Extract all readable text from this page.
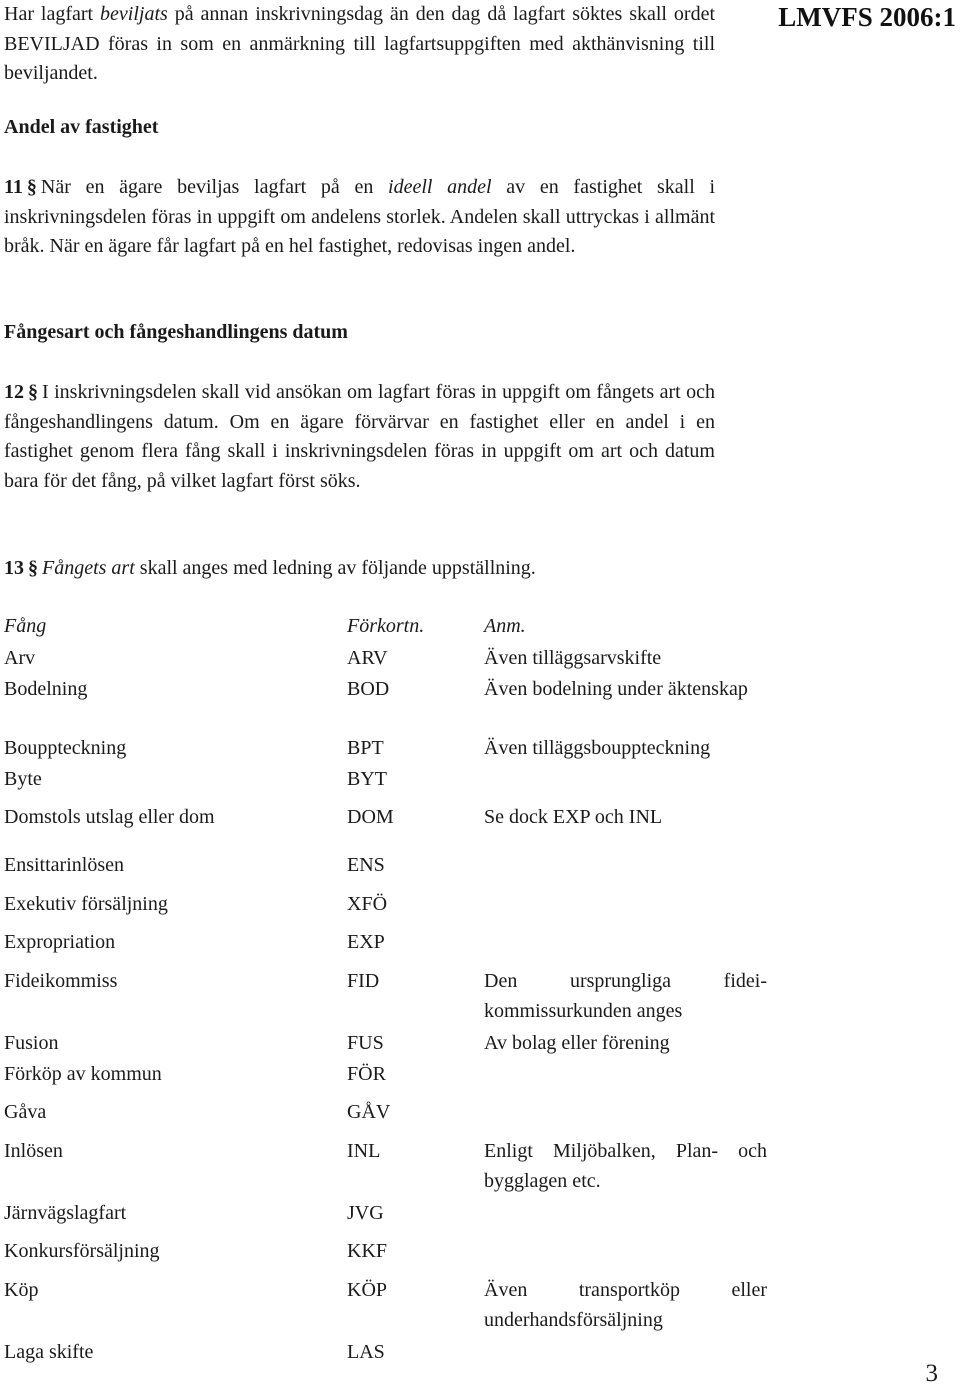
LMVFS 2006:1
Har lagfart beviljats på annan inskrivningsdag än den dag då lagfart söktes skall ordet BEVILJAD föras in som en anmärkning till lagfartsuppgiften med akthänvisning till beviljandet.
Andel av fastighet
11 § När en ägare beviljas lagfart på en ideell andel av en fastighet skall i inskrivningsdelen föras in uppgift om andelens storlek. Andelen skall uttryckas i allmänt bråk. När en ägare får lagfart på en hel fastighet, redovisas ingen andel.
Fångesart och fångeshandlingens datum
12 § I inskrivningsdelen skall vid ansökan om lagfart föras in uppgift om fångets art och fångeshandlingens datum. Om en ägare förvärvar en fastighet eller en andel i en fastighet genom flera fång skall i inskrivningsdelen föras in uppgift om art och datum bara för det fång, på vilket lagfart först söks.
13 § Fångets art skall anges med ledning av följande uppställning.
Fång	Förkortn.	Anm.
Arv	ARV	Även tilläggsarvskifte
Bodelning	BOD	Även bodelning under äktenskap
Bouppteckning	BPT	Även tilläggsbouppteckning
Byte	BYT
Domstols utslag eller dom	DOM	Se dock EXP och INL
Ensittarinlösen	ENS
Exekutiv försäljning	XFÖ
Expropriation	EXP
Fideikommiss	FID	Den ursprungliga fidei-kommissurkunden anges
Fusion	FUS	Av bolag eller förening
Förköp av kommun	FÖR
Gåva	GÅV
Inlösen	INL	Enligt Miljöbalken, Plan- och bygglagen etc.
Järnvägslagfart	JVG
Konkursförsäljning	KKF
Köp	KÖP	Även transportköp eller underhandsförsäljning
Laga skifte	LAS
3
